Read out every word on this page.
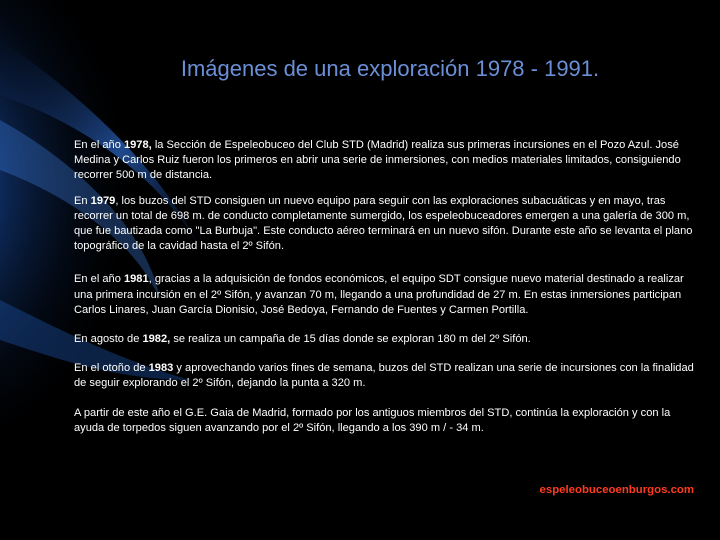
Imágenes de una exploración 1978 - 1991.

En el año 1978, la Sección de Espeleobuceo del Club STD (Madrid) realiza sus primeras incursiones en el Pozo Azul. José Medina y Carlos Ruiz fueron los primeros en abrir una serie de inmersiones, con medios materiales limitados, consiguiendo recorrer 500 m de distancia.

En 1979, los buzos del STD consiguen un nuevo equipo para seguir con las exploraciones subacuáticas y en mayo, tras recorrer un total de 698 m. de conducto completamente sumergido, los espeleobuceadores emergen a una galería de 300 m, que fue bautizada como "La Burbuja". Este conducto aéreo terminará en un nuevo sifón. Durante este año se levanta el plano topográfico de la cavidad hasta el 2º Sifón.

En el año 1981, gracias a la adquisición de fondos económicos, el equipo SDT consigue nuevo material destinado a realizar una primera incursión en el 2º Sifón, y avanzan 70 m, llegando a una profundidad de 27 m. En estas inmersiones participan Carlos Linares, Juan García Dionisio, José Bedoya, Fernando de Fuentes y Carmen Portilla.

En agosto de 1982, se realiza un campaña de 15 días donde se exploran 180 m del 2º Sifón.

En el otoño de 1983 y aprovechando varios fines de semana, buzos del STD realizan una serie de incursiones con la finalidad de seguir explorando el 2º Sifón, dejando la punta a 320 m.

A partir de este año el G.E. Gaia de Madrid, formado por los antiguos miembros del STD, continúa la exploración y con la ayuda de torpedos siguen avanzando por el 2º Sifón, llegando a los 390 m / - 34 m.

espeleobuceoenburgos.com
